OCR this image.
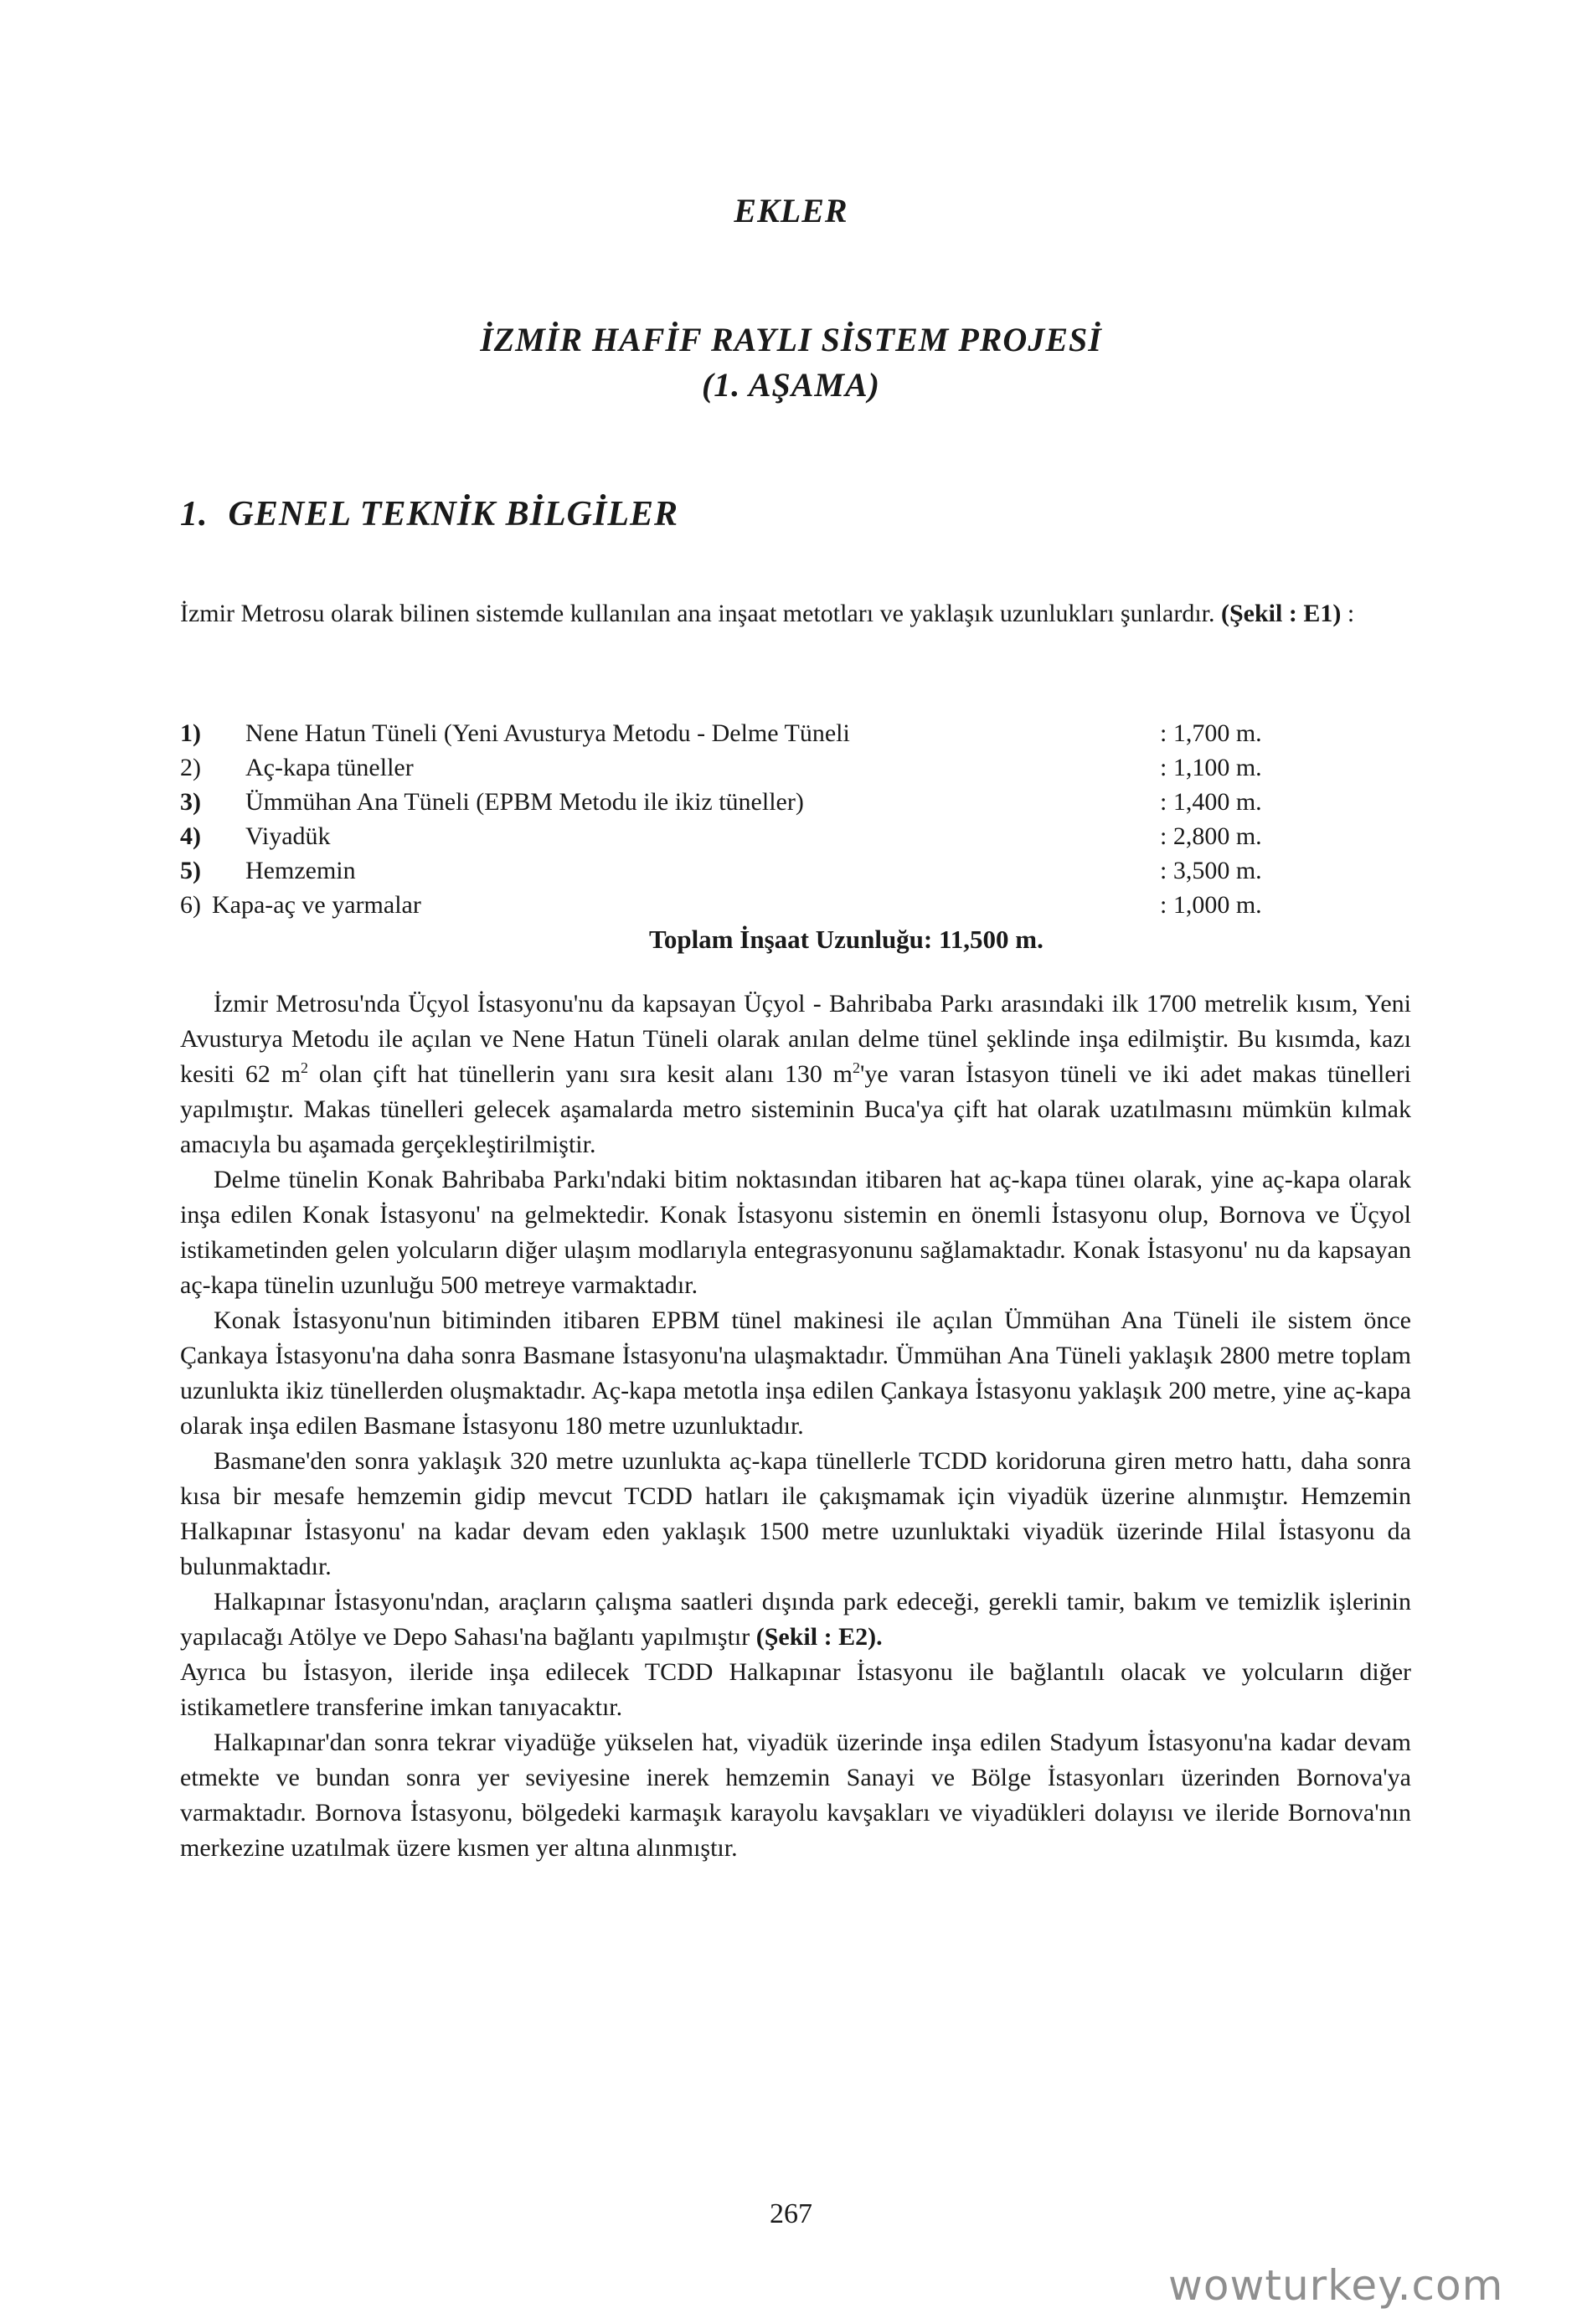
EKLER
İZMİR HAFİF RAYLI SİSTEM PROJESİ
(1. AŞAMA)
1. GENEL TEKNİK BİLGİLER

İzmir Metrosu olarak bilinen sistemde kullanılan ana inşaat metotları ve yaklaşık uzunlukları şunlardır. (Şekil : E1) :

1) Nene Hatun Tüneli (Yeni Avusturya Metodu - Delme Tüneli	: 1,700 m.
2) Aç-kapa tüneller	: 1,100 m.
3) Ümmühan Ana Tüneli (EPBM Metodu ile ikiz tüneller)	: 1,400 m.
4) Viyadük	: 2,800 m.
5) Hemzemin	: 3,500 m.
6) Kapa-aç ve yarmalar	: 1,000 m.
Toplam İnşaat Uzunluğu: 11,500 m.

İzmir Metrosu'nda Üçyol İstasyonu'nu da kapsayan Üçyol - Bahribaba Parkı arasındaki ilk 1700 metrelik kısım, Yeni Avusturya Metodu ile açılan ve Nene Hatun Tüneli olarak anılan delme tünel şeklinde inşa edilmiştir. Bu kısımda, kazı kesiti 62 $m^2$ olan çift hat tünellerin yanı sıra kesit alanı 130 $m^2'ye$ varan İstasyon tüneli ve iki adet makas tünelleri yapılmıştır. Makas tünelleri gelecek aşamalarda metro sisteminin Buca'ya çift hat olarak uzatılmasını mümkün kılmak amacıyla bu aşamada gerçekleştirilmiştir.

Delme tünelin Konak Bahribaba Parkı'ndaki bitim noktasından itibaren hat aç-kapa tüneı olarak, yine aç-kapa olarak inşa edilen Konak İstasyonu' na gelmektedir. Konak İstasyonu sistemin en önemli İstasyonu olup, Bornova ve Üçyol istikametinden gelen yolcuların diğer ulaşım modlarıyla entegrasyonunu sağlamaktadır. Konak İstasyonu' nu da kapsayan aç-kapa tünelin uzunluğu 500 metreye varmaktadır.

Konak İstasyonu'nun bitiminden itibaren EPBM tünel makinesi ile açılan Ümmühan Ana Tüneli ile sistem önce Çankaya İstasyonu'na daha sonra Basmane İstasyonu'na ulaşmaktadır. Ümmühan Ana Tüneli yaklaşık 2800 metre toplam uzunlukta ikiz tünellerden oluşmaktadır. Aç-kapa metotla inşa edilen Çankaya İstasyonu yaklaşık 200 metre, yine aç-kapa olarak inşa edilen Basmane İstasyonu 180 metre uzunluktadır.

Basmane'den sonra yaklaşık 320 metre uzunlukta aç-kapa tünellerle TCDD koridoruna giren metro hattı, daha sonra kısa bir mesafe hemzemin gidip mevcut TCDD hatları ile çakışmamak için viyadük üzerine alınmıştır. Hemzemin Halkapınar İstasyonu' na kadar devam eden yaklaşık 1500 metre uzunluktaki viyadük üzerinde Hilal İstasyonu da bulunmaktadır.

Halkapınar İstasyonu'ndan, araçların çalışma saatleri dışında park edeceği, gerekli tamir, bakım ve temizlik işlerinin yapılacağı Atölye ve Depo Sahası'na bağlantı yapılmıştır (Şekil : E2).

Ayrıca bu İstasyon, ileride inşa edilecek TCDD Halkapınar İstasyonu ile bağlantılı olacak ve yolcuların diğer istikametlere transferine imkan tanıyacaktır.

Halkapınar'dan sonra tekrar viyadüğe yükselen hat, viyadük üzerinde inşa edilen Stadyum İstasyonu'na kadar devam etmekte ve bundan sonra yer seviyesine inerek hemzemin Sanayi ve Bölge İstasyonları üzerinden Bornova'ya varmaktadır. Bornova İstasyonu, bölgedeki karmaşık karayolu kavşakları ve viyadükleri dolayısı ve ileride Bornova'nın merkezine uzatılmak üzere kısmen yer altına alınmıştır.

267
wowturkey.com
